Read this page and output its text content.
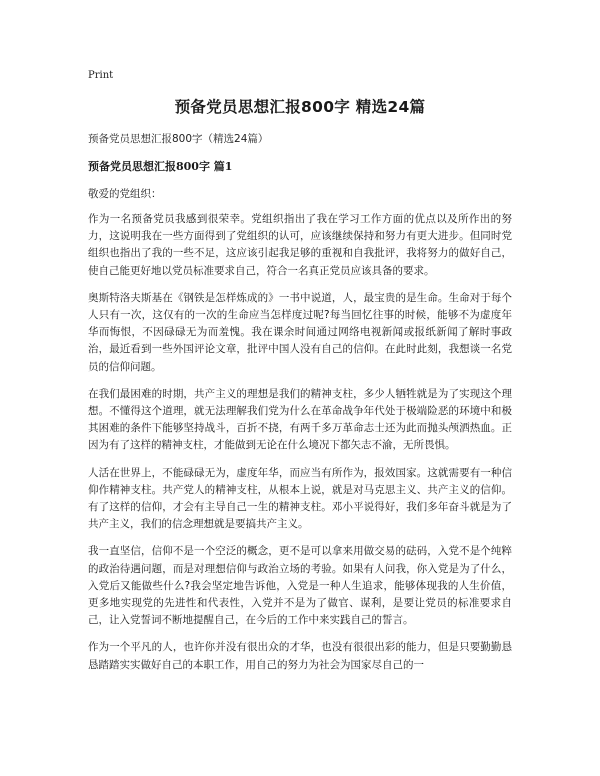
Print
预备党员思想汇报800字 精选24篇
预备党员思想汇报800字（精选24篇）
预备党员思想汇报800字 篇1
敬爱的党组织：

作为一名预备党员我感到很荣幸。党组织指出了我在学习工作方面的优点以及所作出的努力，这说明我在一些方面得到了党组织的认可，应该继续保持和努力有更大进步。但同时党组织也指出了我的一些不足，这应该引起我足够的重视和自我批评，我将努力的做好自己，使自己能更好地以党员标准要求自己，符合一名真正党员应该具备的要求。

奥斯特洛夫斯基在《钢铁是怎样炼成的》一书中说道，人，最宝贵的是生命。生命对于每个人只有一次，这仅有的一次的生命应当怎样度过呢?每当回忆往事的时候，能够不为虚度年华而悔恨，不因碌碌无为而羞愧。我在课余时间通过网络电视新闻或报纸新闻了解时事政治，最近看到一些外国评论文章，批评中国人没有自己的信仰。在此时此刻，我想谈一名党员的信仰问题。

在我们最困难的时期，共产主义的理想是我们的精神支柱，多少人牺牲就是为了实现这个理想。不懂得这个道理，就无法理解我们党为什么在革命战争年代处于极端险恶的环境中和极其困难的条件下能够坚持战斗，百折不挠，有两千多万革命志士还为此而抛头颅洒热血。正因为有了这样的精神支柱，才能做到无论在什么境况下都矢志不渝，无所畏惧。

人活在世界上，不能碌碌无为，虚度年华，而应当有所作为，报效国家。这就需要有一种信仰作精神支柱。共产党人的精神支柱，从根本上说，就是对马克思主义、共产主义的信仰。有了这样的信仰，才会有主导自己一生的精神支柱。邓小平说得好，我们多年奋斗就是为了共产主义，我们的信念理想就是要搞共产主义。

我一直坚信，信仰不是一个空泛的概念，更不是可以拿来用做交易的砝码，入党不是个纯粹的政治待遇问题，而是对理想信仰与政治立场的考验。如果有人问我，你入党是为了什么，入党后又能做些什么?我会坚定地告诉他，入党是一种人生追求，能够体现我的人生价值，更多地实现党的先进性和代表性，入党并不是为了做官、谋利，是要让党员的标准要求自己，让入党誓词不断地提醒自己，在今后的工作中来实践自己的誓言。

作为一个平凡的人，也许你并没有很出众的才华，也没有很很出彩的能力，但是只要勤勤恳恳踏踏实实做好自己的本职工作，用自己的努力为社会为国家尽自己的一
